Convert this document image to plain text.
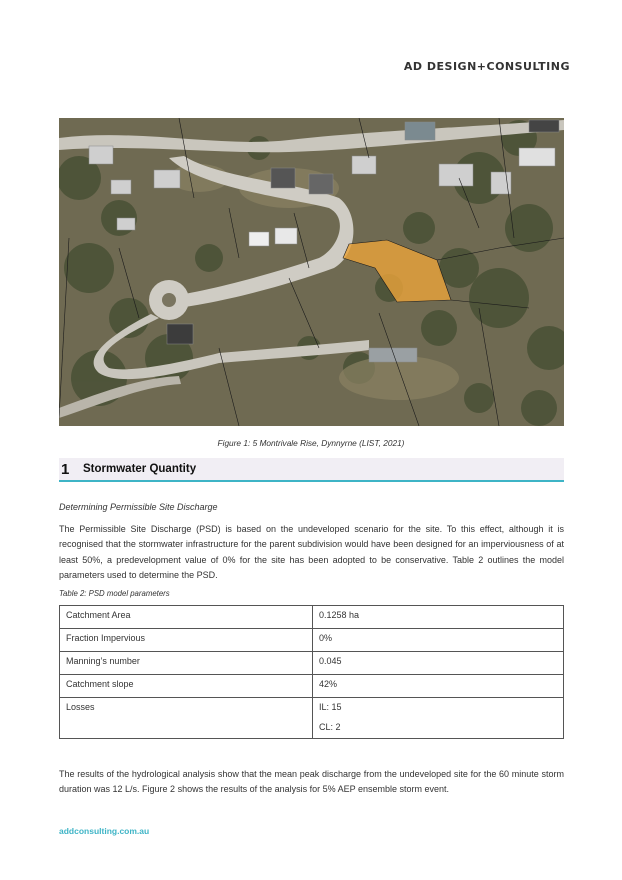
AD DESIGN+CONSULTING
Figure 1: 5 Montrivale Rise, Dynnyrne (LIST, 2021)
1	Stormwater Quantity
Determining Permissible Site Discharge
The Permissible Site Discharge (PSD) is based on the undeveloped scenario for the site. To this effect, although it is recognised that the stormwater infrastructure for the parent subdivision would have been designed for an imperviousness of at least 50%, a predevelopment value of 0% for the site has been adopted to be conservative. Table 2 outlines the model parameters used to determine the PSD.
Table 2: PSD model parameters
Catchment Area	0.1258 ha
Fraction Impervious	0%
Manning’s number	0.045
Catchment slope	42%
Losses	IL: 15
CL: 2
The results of the hydrological analysis show that the mean peak discharge from the undeveloped site for the 60 minute storm duration was 12 L/s. Figure 2 shows the results of the analysis for 5% AEP ensemble storm event.
addconsulting.com.au
